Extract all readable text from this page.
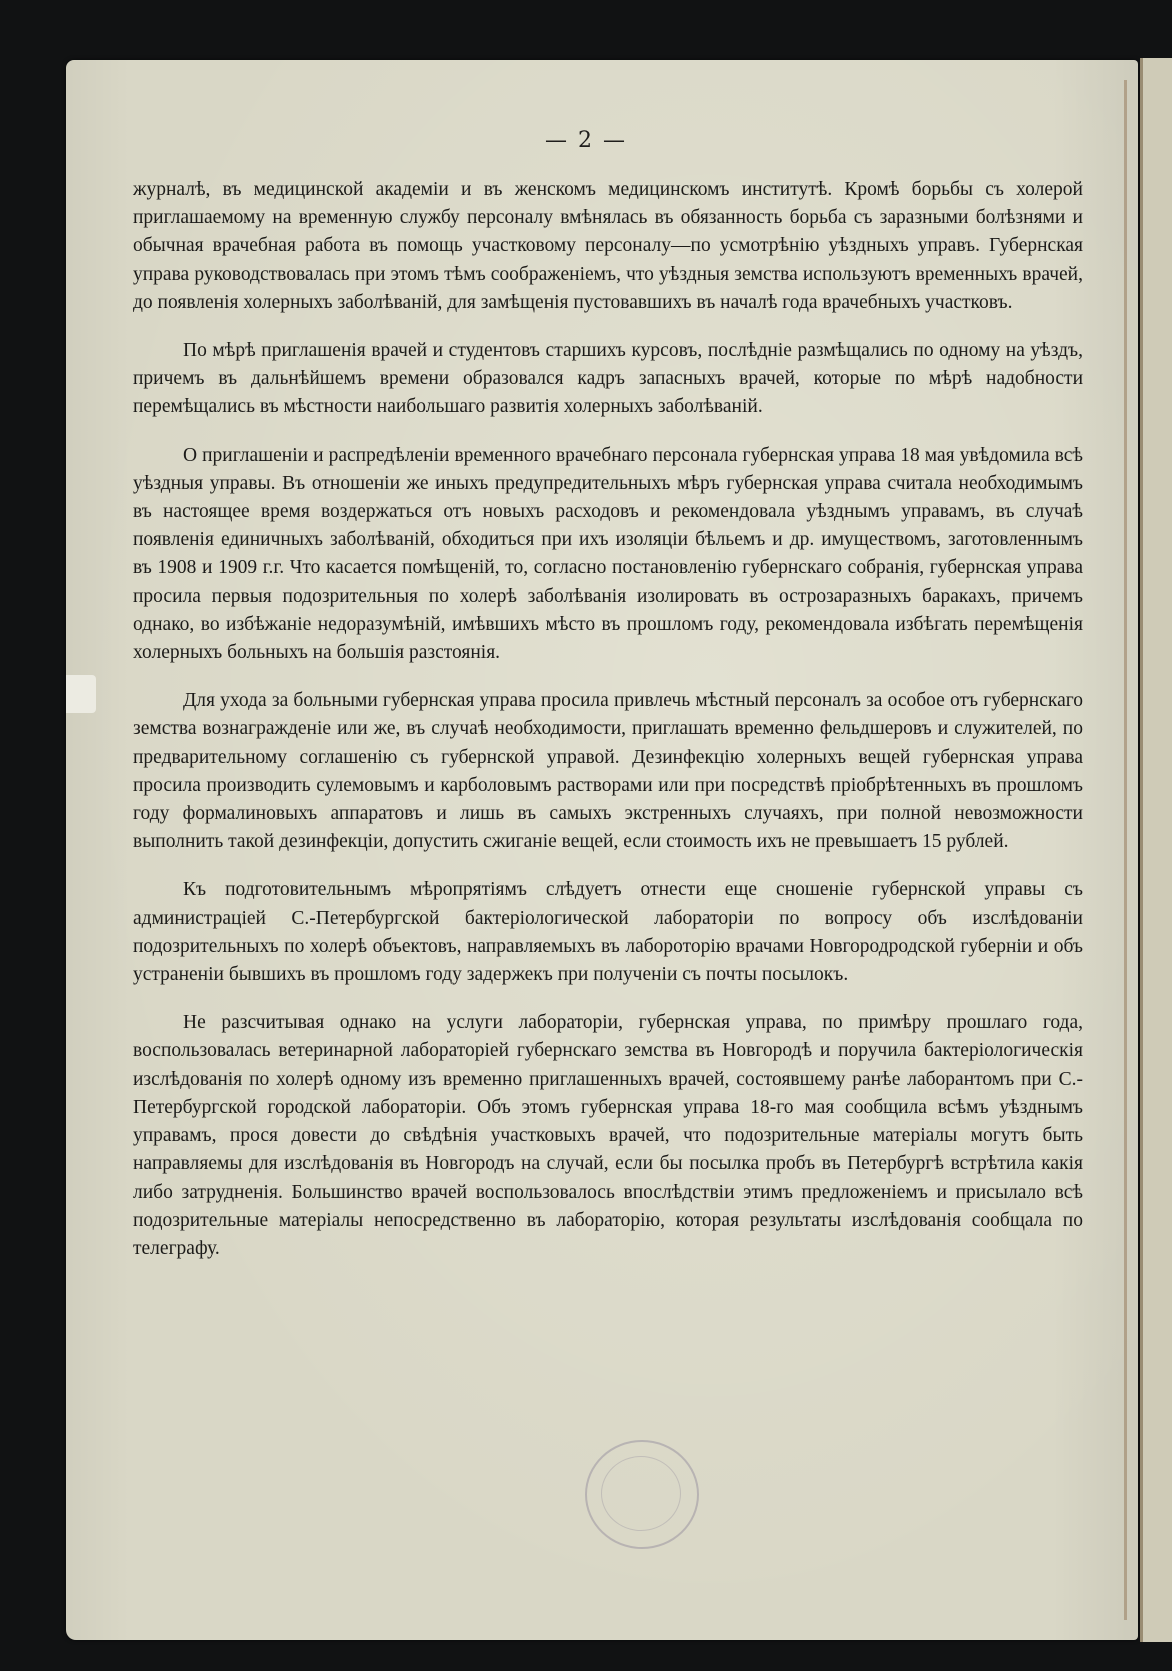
— 2 —

журналѣ, въ медицинской академіи и въ женскомъ медицинскомъ институтѣ. Кромѣ борьбы съ холерой приглашаемому на временную службу персоналу вмѣнялась въ обязанность борьба съ заразными болѣзнями и обычная врачебная работа въ помощь участковому персоналу—по усмотрѣнію уѣздныхъ управъ. Губернская управа руководствовалась при этомъ тѣмъ соображеніемъ, что уѣздныя земства используютъ временныхъ врачей, до появленія холерныхъ заболѣваній, для замѣщенія пустовавшихъ въ началѣ года врачебныхъ участковъ.

По мѣрѣ приглашенія врачей и студентовъ старшихъ курсовъ, послѣдніе размѣщались по одному на уѣздъ, причемъ въ дальнѣйшемъ времени образовался кадръ запасныхъ врачей, которые по мѣрѣ надобности перемѣщались въ мѣстности наибольшаго развитія холерныхъ заболѣваній.

О приглашеніи и распредѣленіи временного врачебнаго персонала губернская управа 18 мая увѣдомила всѣ уѣздныя управы. Въ отношеніи же иныхъ предупредительныхъ мѣръ губернская управа считала необходимымъ въ настоящее время воздержаться отъ новыхъ расходовъ и рекомендовала уѣзднымъ управамъ, въ случаѣ появленія единичныхъ заболѣваній, обходиться при ихъ изоляціи бѣльемъ и др. имуществомъ, заготовленнымъ въ 1908 и 1909 г.г. Что касается помѣщеній, то, согласно постановленію губернскаго собранія, губернская управа просила первыя подозрительныя по холерѣ заболѣванія изолировать въ острозаразныхъ баракахъ, причемъ однако, во избѣжаніе недоразумѣній, имѣвшихъ мѣсто въ прошломъ году, рекомендовала избѣгать перемѣщенія холерныхъ больныхъ на большія разстоянія.

Для ухода за больными губернская управа просила привлечь мѣстный персоналъ за особое отъ губернскаго земства вознагражденіе или же, въ случаѣ необходимости, приглашать временно фельдшеровъ и служителей, по предварительному соглашенію съ губернской управой. Дезинфекцію холерныхъ вещей губернская управа просила производить сулемовымъ и карболовымъ растворами или при посредствѣ пріобрѣтенныхъ въ прошломъ году формалиновыхъ аппаратовъ и лишь въ самыхъ экстренныхъ случаяхъ, при полной невозможности выполнить такой дезинфекціи, допустить сжиганіе вещей, если стоимость ихъ не превышаетъ 15 рублей.

Къ подготовительнымъ мѣропрятіямъ слѣдуетъ отнести еще сношеніе губернской управы съ администраціей С.-Петербургской бактеріологической лабораторіи по вопросу объ изслѣдованіи подозрительныхъ по холерѣ объектовъ, направляемыхъ въ лабороторію врачами Новгородродской губерніи и объ устраненіи бывшихъ въ прошломъ году задержекъ при полученіи съ почты посылокъ.

Не разсчитывая однако на услуги лабораторіи, губернская управа, по примѣру прошлаго года, воспользовалась ветеринарной лабораторіей губернскаго земства въ Новгородѣ и поручила бактеріологическія изслѣдованія по холерѣ одному изъ временно приглашенныхъ врачей, состоявшему ранѣе лаборантомъ при С.-Петербургской городской лабораторіи. Объ этомъ губернская управа 18-го мая сообщила всѣмъ уѣзднымъ управамъ, прося довести до свѣдѣнія участковыхъ врачей, что подозрительные матеріалы могутъ быть направляемы для изслѣдованія въ Новгородъ на случай, если бы посылка пробъ въ Петербургѣ встрѣтила какія либо затрудненія. Большинство врачей воспользовалось впослѣдствіи этимъ предложеніемъ и присылало всѣ подозрительные матеріалы непосредственно въ лабораторію, которая результаты изслѣдованія сообщала по телеграфу.
